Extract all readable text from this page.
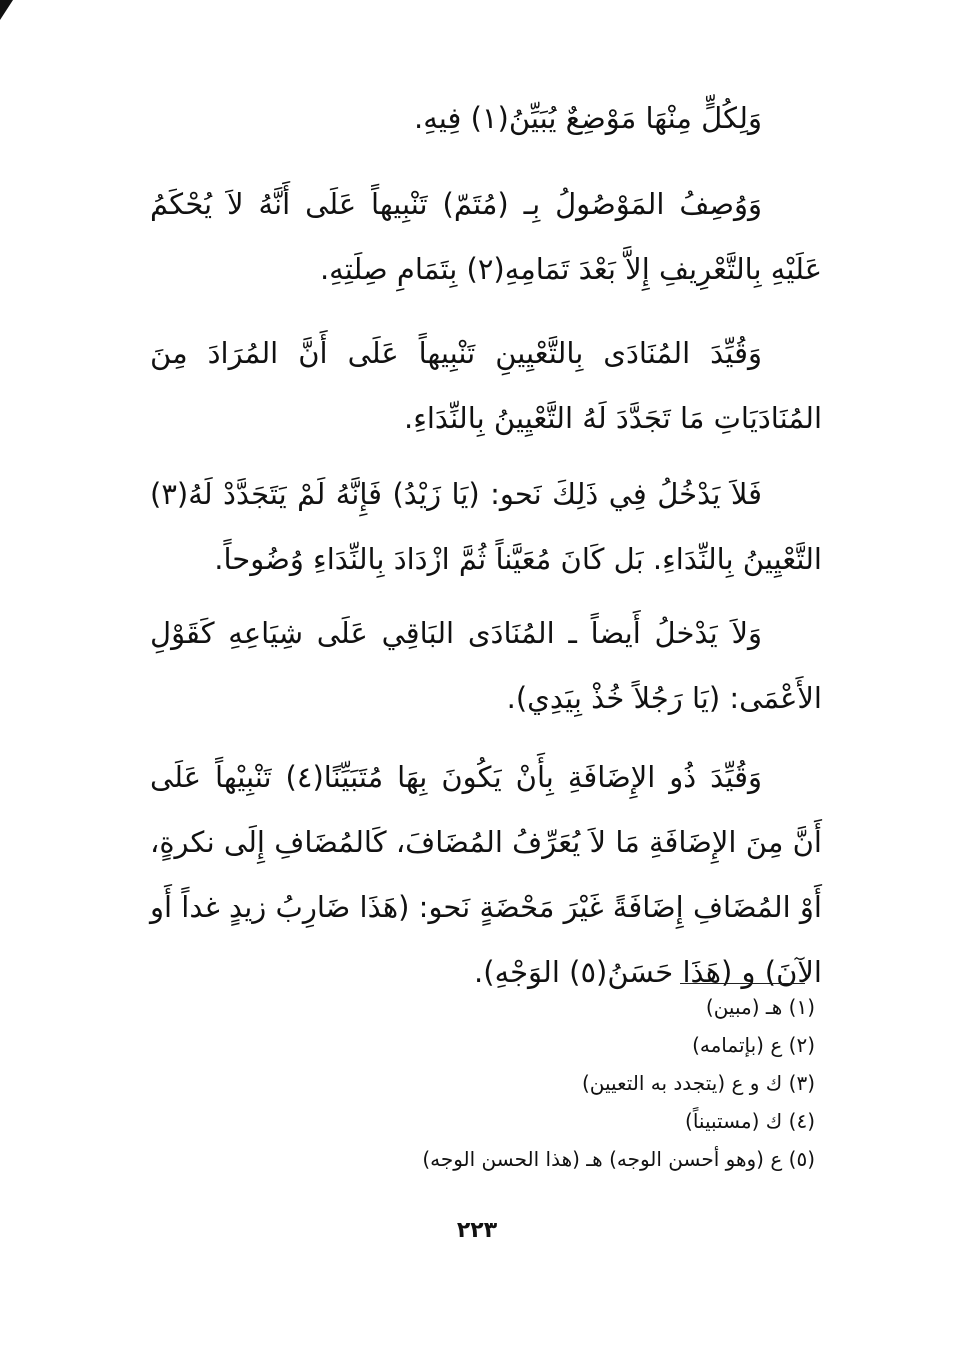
وَلِكُلٍّ مِنْهَا مَوْضِعٌ يُبَيِّنُ(١) فِيهِ.

وَوُصِفُ المَوْصُولُ بِـ (مُتَمّ) تَنْبِيهاً عَلَى أَنَّهُ لاَ يُحْكَمُ عَلَيْهِ بِالتَّعْرِيفِ إِلاَّ بَعْدَ تَمَامِهِ(٢) بِتَمَامِ صِلَتِهِ.

وَقُيِّدَ المُنَادَى بِالتَّعْيِينِ تَنْبِيهاً عَلَى أَنَّ المُرَادَ مِنَ المُنَادَيَاتِ مَا تَجَدَّدَ لَهُ التَّعْيِينُ بِالنِّدَاءِ.

فَلاَ يَدْخُلُ فِي ذَلِكَ نَحو: (يَا زَيْدُ) فَإِنَّهُ لَمْ يَتَجَدَّدْ لَهُ(٣) التَّعْيِينُ بِالنِّدَاءِ. بَل كَانَ مُعَيَّناً ثُمَّ ازْدَادَ بِالنِّدَاءِ وُضُوحاً.

وَلاَ يَدْخلُ أَيضاً ـ المُنَادَى البَاقِي عَلَى شِيَاعِهِ كَقَوْلِ الأَعْمَى: (يَا رَجُلاً خُذْ بِيَدِي).

وَقُيِّدَ ذُو الإِضَافَةِ بِأَنْ يَكُونَ بِهَا مُتَبَيِّنًا(٤) تَنْبِيْهاً عَلَى أَنَّ مِنَ الإِضَافَةِ مَا لاَ يُعَرِّفُ المُضَافَ، كَالمُضَافِ إِلَى نكرةٍ، أَوْ المُضَافِ إِضَافَةً غَيْرَ مَحْضَةٍ نَحو: (هَذَا ضَارِبُ زيدٍ غداً أَو الآنَ) و (هَذَا حَسَنُ(٥) الوَجْهِ).

(١) هـ (مبين)

(٢) ع (بإتمامه)

(٣) ك و ع (يتجدد به التعيين)

(٤) ك (مستبيناً)

(٥) ع (وهو أحسن الوجه) هـ (هذا الحسن الوجه)

٢٢٣
